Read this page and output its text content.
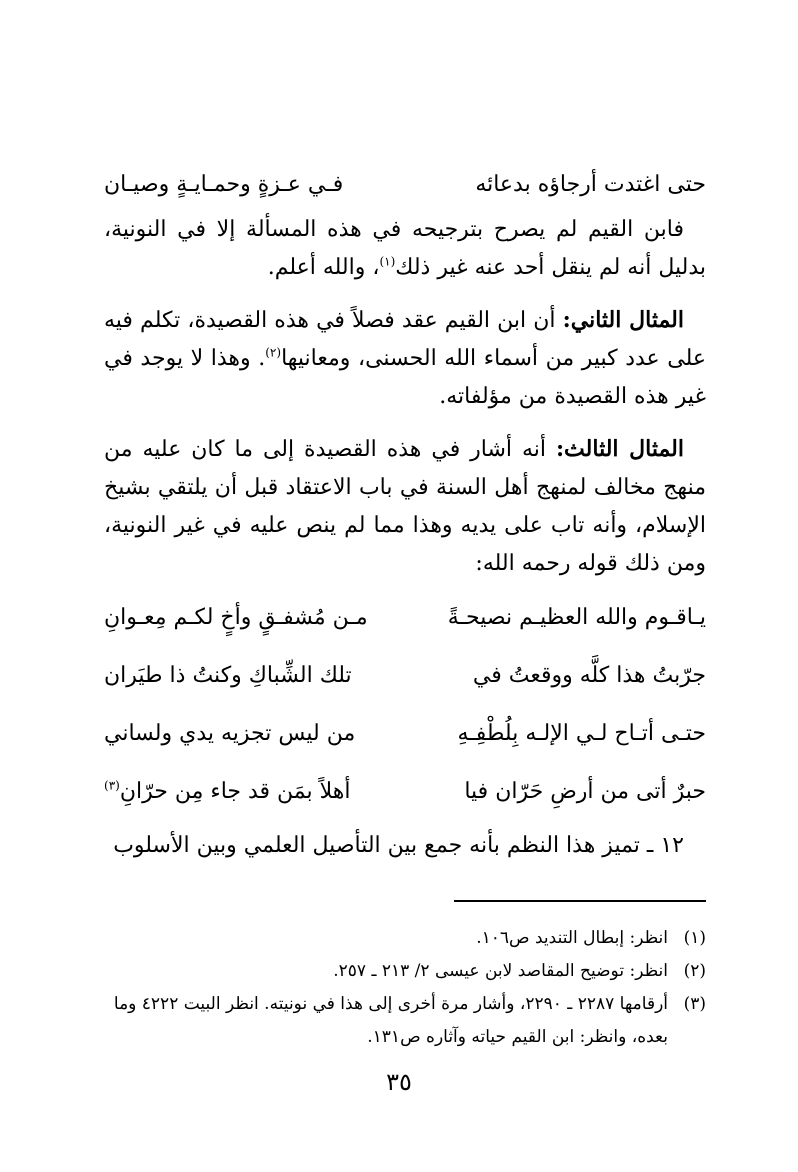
حتى اغتدت أرجاؤه بدعائه
فـي عـزةٍ وحمـايـةٍ وصيـان

فابن القيم لم يصرح بترجيحه في هذه المسألة إلا في النونية، بدليل أنه لم ينقل أحد عنه غير ذلك$^{(١)}$، والله أعلم.

المثال الثاني: أن ابن القيم عقد فصلاً في هذه القصيدة، تكلم فيه على عدد كبير من أسماء الله الحسنى، ومعانيها$^{(٢)}$. وهذا لا يوجد في غير هذه القصيدة من مؤلفاته.

المثال الثالث: أنه أشار في هذه القصيدة إلى ما كان عليه من منهج مخالف لمنهج أهل السنة في باب الاعتقاد قبل أن يلتقي بشيخ الإسلام، وأنه تاب على يديه وهذا مما لم ينص عليه في غير النونية، ومن ذلك قوله رحمه الله:

يـاقـوم والله العظيـم نصيحـةً
مـن مُشفـقٍ وأخٍ لكـم مِعـوانِ
جرّبتُ هذا كلَّه ووقعتُ في
تلك الشِّباكِ وكنتُ ذا طيَران
حتـى أتـاح لـي الإلـه بِلُطْفِـهِ
من ليس تجزيه يدي ولساني
حبرٌ أتى من أرضِ حَرّان فيا
أهلاً بمَن قد جاء مِن حرّانِ$^{(٣)}$

١٢ ـ تميز هذا النظم بأنه جمع بين التأصيل العلمي وبين الأسلوب

(١)
انظر: إبطال التنديد ص١٠٦.
(٢)
انظر: توضيح المقاصد لابن عيسى ٢/ ٢١٣ ـ ٢٥٧.
(٣)
أرقامها ٢٢٨٧ ـ ٢٢٩٠، وأشار مرة أخرى إلى هذا في نونيته. انظر البيت ٤٢٢٢ وما بعده، وانظر: ابن القيم حياته وآثاره ص١٣١.
٣٥
